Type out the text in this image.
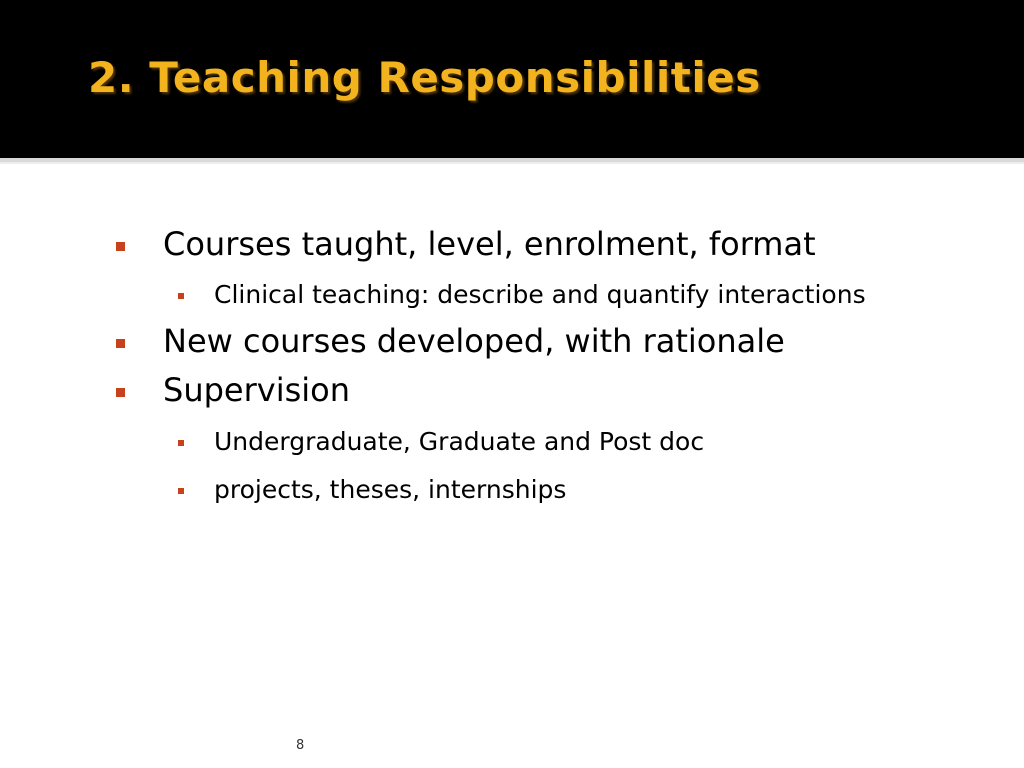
2. Teaching Responsibilities
Courses taught, level, enrolment, format
Clinical teaching: describe and quantify interactions
New courses developed, with rationale
Supervision
Undergraduate, Graduate and Post doc
projects, theses, internships
8
